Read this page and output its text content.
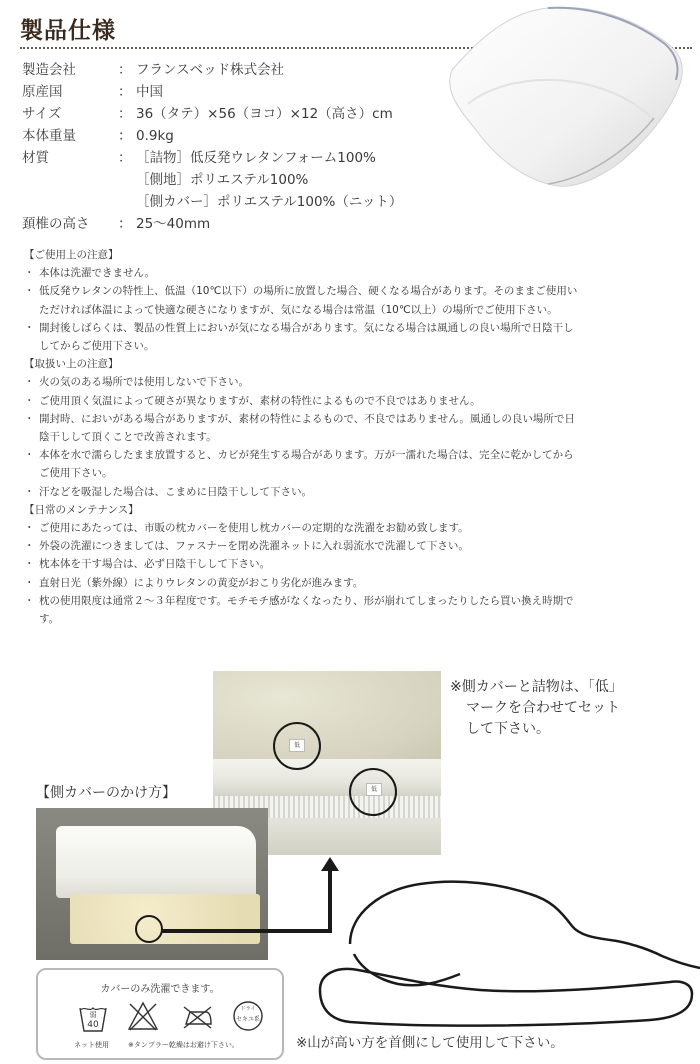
製品仕様
製造会社	： フランスベッド株式会社
原産国	： 中国
サイズ	： 36（タテ）×56（ヨコ）×12（高さ）cm
本体重量	： 0.9kg
材質	： ［詰物］低反発ウレタンフォーム100%
［側地］ポリエステル100%
［側カバー］ポリエステル100%（ニット）
頚椎の高さ ： 25～40mm

【ご使用上の注意】

・ 本体は洗濯できません。

・ 低反発ウレタンの特性上、低温（10℃以下）の場所に放置した場合、硬くなる場合があります。そのままご使用いただければ体温によって快適な硬さになりますが、気になる場合は常温（10℃以上）の場所でご使用下さい。

・ 開封後しばらくは、製品の性質上においが気になる場合があります。気になる場合は風通しの良い場所で日陰干ししてからご使用下さい。

【取扱い上の注意】

・ 火の気のある場所では使用しないで下さい。

・ ご使用頂く気温によって硬さが異なりますが、素材の特性によるもので不良ではありません。

・ 開封時、においがある場合がありますが、素材の特性によるもので、不良ではありません。風通しの良い場所で日陰干しして頂くことで改善されます。

・ 本体を水で濡らしたまま放置すると、カビが発生する場合があります。万が一濡れた場合は、完全に乾かしてからご使用下さい。

・ 汗などを吸湿した場合は、こまめに日陰干しして下さい。

【日常のメンテナンス】

・ ご使用にあたっては、市販の枕カバーを使用し枕カバーの定期的な洗濯をお勧め致します。

・ 外袋の洗濯につきましては、ファスナーを閉め洗濯ネットに入れ弱流水で洗濯して下さい。

・ 枕本体を干す場合は、必ず日陰干しして下さい。

・ 直射日光（紫外線）によりウレタンの黄変がおこり劣化が進みます。

・ 枕の使用限度は通常２～３年程度です。モチモチ感がなくなったり、形が崩れてしまったりしたら買い換え時期です。

低
低
※側カバーと詰物は、「低」
マークを合わせてセット
して下さい。
【側カバーのかけ方】
カバーのみ洗濯できます。
弱
40
ネット使用	※タンブラー乾燥はお避け下さい。
ドライ
セキユ系
※山が高い方を首側にして使用して下さい。
